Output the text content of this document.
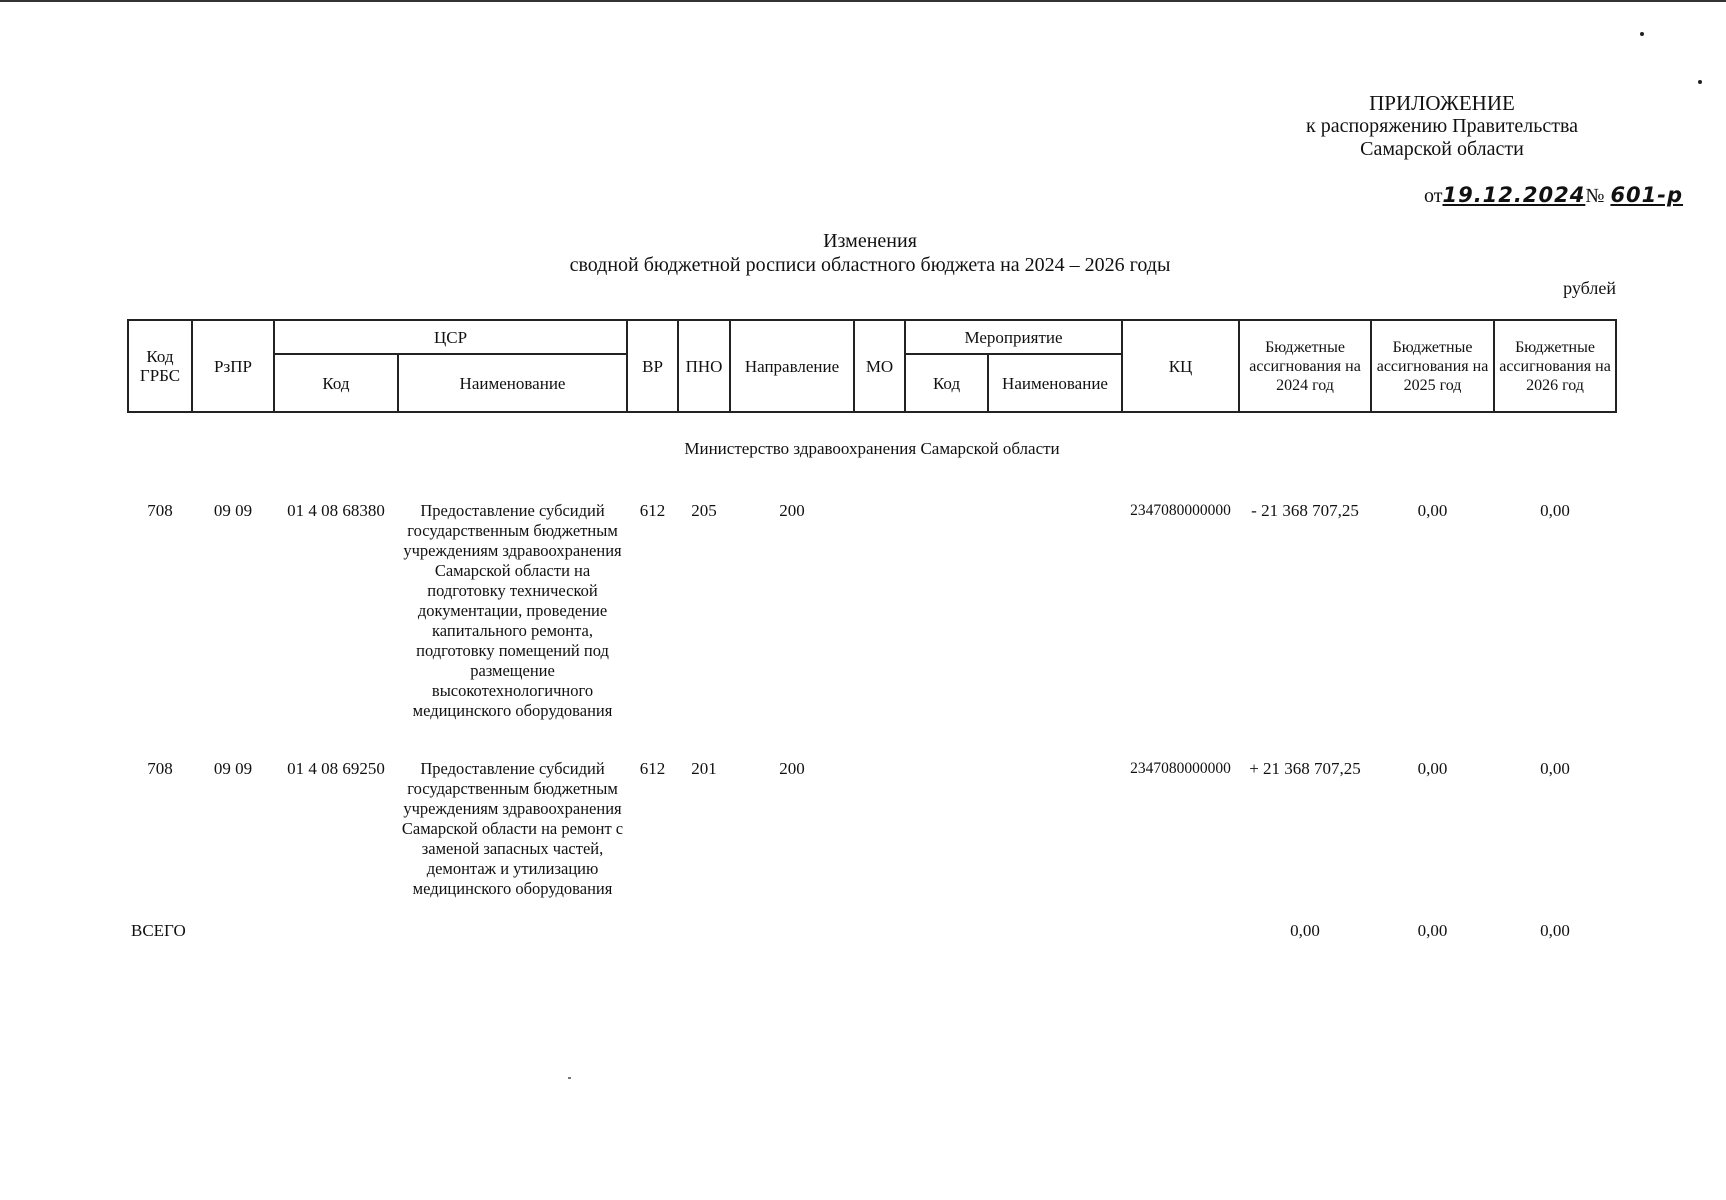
ПРИЛОЖЕНИЕ
к распоряжению Правительства
Самарской области
от19.12.2024№ 601-р
Изменения
сводной бюджетной росписи областного бюджета на 2024 – 2026 годы
рублей
Код ГРБС	РзПР	ЦСР		ВР	ПНО	Направление	МО	Мероприятие		КЦ	Бюджетные ассигнования на 2024 год	Бюджетные ассигнования на 2025 год	Бюджетные ассигнования на 2026 год
		Код	Наименование					Код	Наименование				
Министерство здравоохранения Самарской области													
708	09 09	01 4 08 68380	Предоставление субсидий государственным бюджетным учреждениям здравоохранения Самарской области на подготовку технической документации, проведение капитального ремонта, подготовку помещений под размещение высокотехнологичного медицинского оборудования	612	205	200				2347080000000	- 21 368 707,25	0,00	0,00
708	09 09	01 4 08 69250	Предоставление субсидий государственным бюджетным учреждениям здравоохранения Самарской области на ремонт с заменой запасных частей, демонтаж и утилизацию медицинского оборудования	612	201	200				2347080000000	+ 21 368 707,25	0,00	0,00
ВСЕГО											0,00	0,00	0,00
